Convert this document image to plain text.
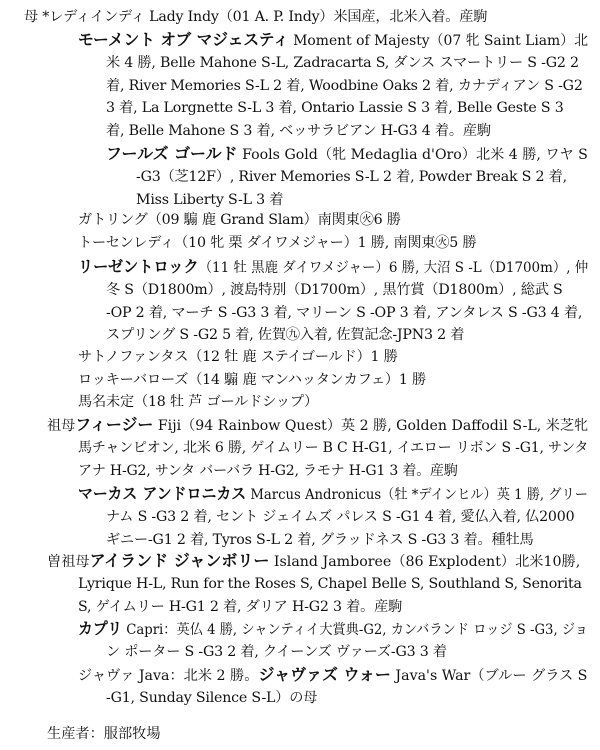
母 *レディインディ Lady Indy（01 A. P. Indy）米国産，北米入着。産駒

モーメント オブ マジェスティ Moment of Majesty（07 牝 Saint Liam）北

米 4 勝, Belle Mahone S-L, Zadracarta S, ダンス スマートリー S -G2 2

着, River Memories S-L 2 着, Woodbine Oaks 2 着, カナディアン S -G2

3 着, La Lorgnette S-L 3 着, Ontario Lassie S 3 着, Belle Geste S 3

着, Belle Mahone S 3 着, ベッサラビアン H-G3 4 着。産駒

フールズ ゴールド Fools Gold（牝 Medaglia d'Oro）北米 4 勝, ワヤ S

-G3（芝12F）, River Memories S-L 2 着, Powder Break S 2 着,

Miss Liberty S-L 3 着

ガトリング（09 騸 鹿 Grand Slam）南関東㊋6 勝

トーセンレディ（10 牝 栗 ダイワメジャー）1 勝, 南関東㊋5 勝

リーゼントロック（11 牡 黒鹿 ダイワメジャー）6 勝, 大沼 S -L（D1700m）, 仲

冬 S（D1800m）, 渡島特別（D1700m）, 黒竹賞（D1800m）, 総武 S

-OP 2 着, マーチ S -G3 3 着, マリーン S -OP 3 着, アンタレス S -G3 4 着,

スプリング S -G2 5 着, 佐賀㊈入着, 佐賀記念-JPN3 2 着

サトノファンタス（12 牡 鹿 ステイゴールド）1 勝

ロッキーバローズ（14 騸 鹿 マンハッタンカフェ）1 勝

馬名未定（18 牡 芦 ゴールドシップ）

祖母フィージー Fiji（94 Rainbow Quest）英 2 勝, Golden Daffodil S-L, 米芝牝

馬チャンピオン, 北米 6 勝, ゲイムリー B C H-G1, イエロー リボン S -G1, サンタ

アナ H-G2, サンタ バーバラ H-G2, ラモナ H-G1 3 着。産駒

マーカス アンドロニカス Marcus Andronicus（牡 *デインヒル）英 1 勝, グリー

ナム S -G3 2 着, セント ジェイムズ パレス S -G1 4 着, 愛仏入着, 仏2000

ギニー-G1 2 着, Tyros S-L 2 着, グラッドネス S -G3 3 着。種牡馬

曽祖母アイランド ジャンボリー Island Jamboree（86 Explodent）北米10勝,

Lyrique H-L, Run for the Roses S, Chapel Belle S, Southland S, Senorita

S, ゲイムリー H-G1 2 着, ダリア H-G2 3 着。産駒

カプリ Capri：英仏 4 勝, シャンティイ大賞典-G2, カンバランド ロッジ S -G3, ジョ

ン ポーター S -G3 2 着, クイーンズ ヴァーズ-G3 3 着

ジャヴァ Java：北米 2 勝。ジャヴァズ ウォー Java's War（ブルー グラス S

-G1, Sunday Silence S-L）の母

生産者：服部牧場
